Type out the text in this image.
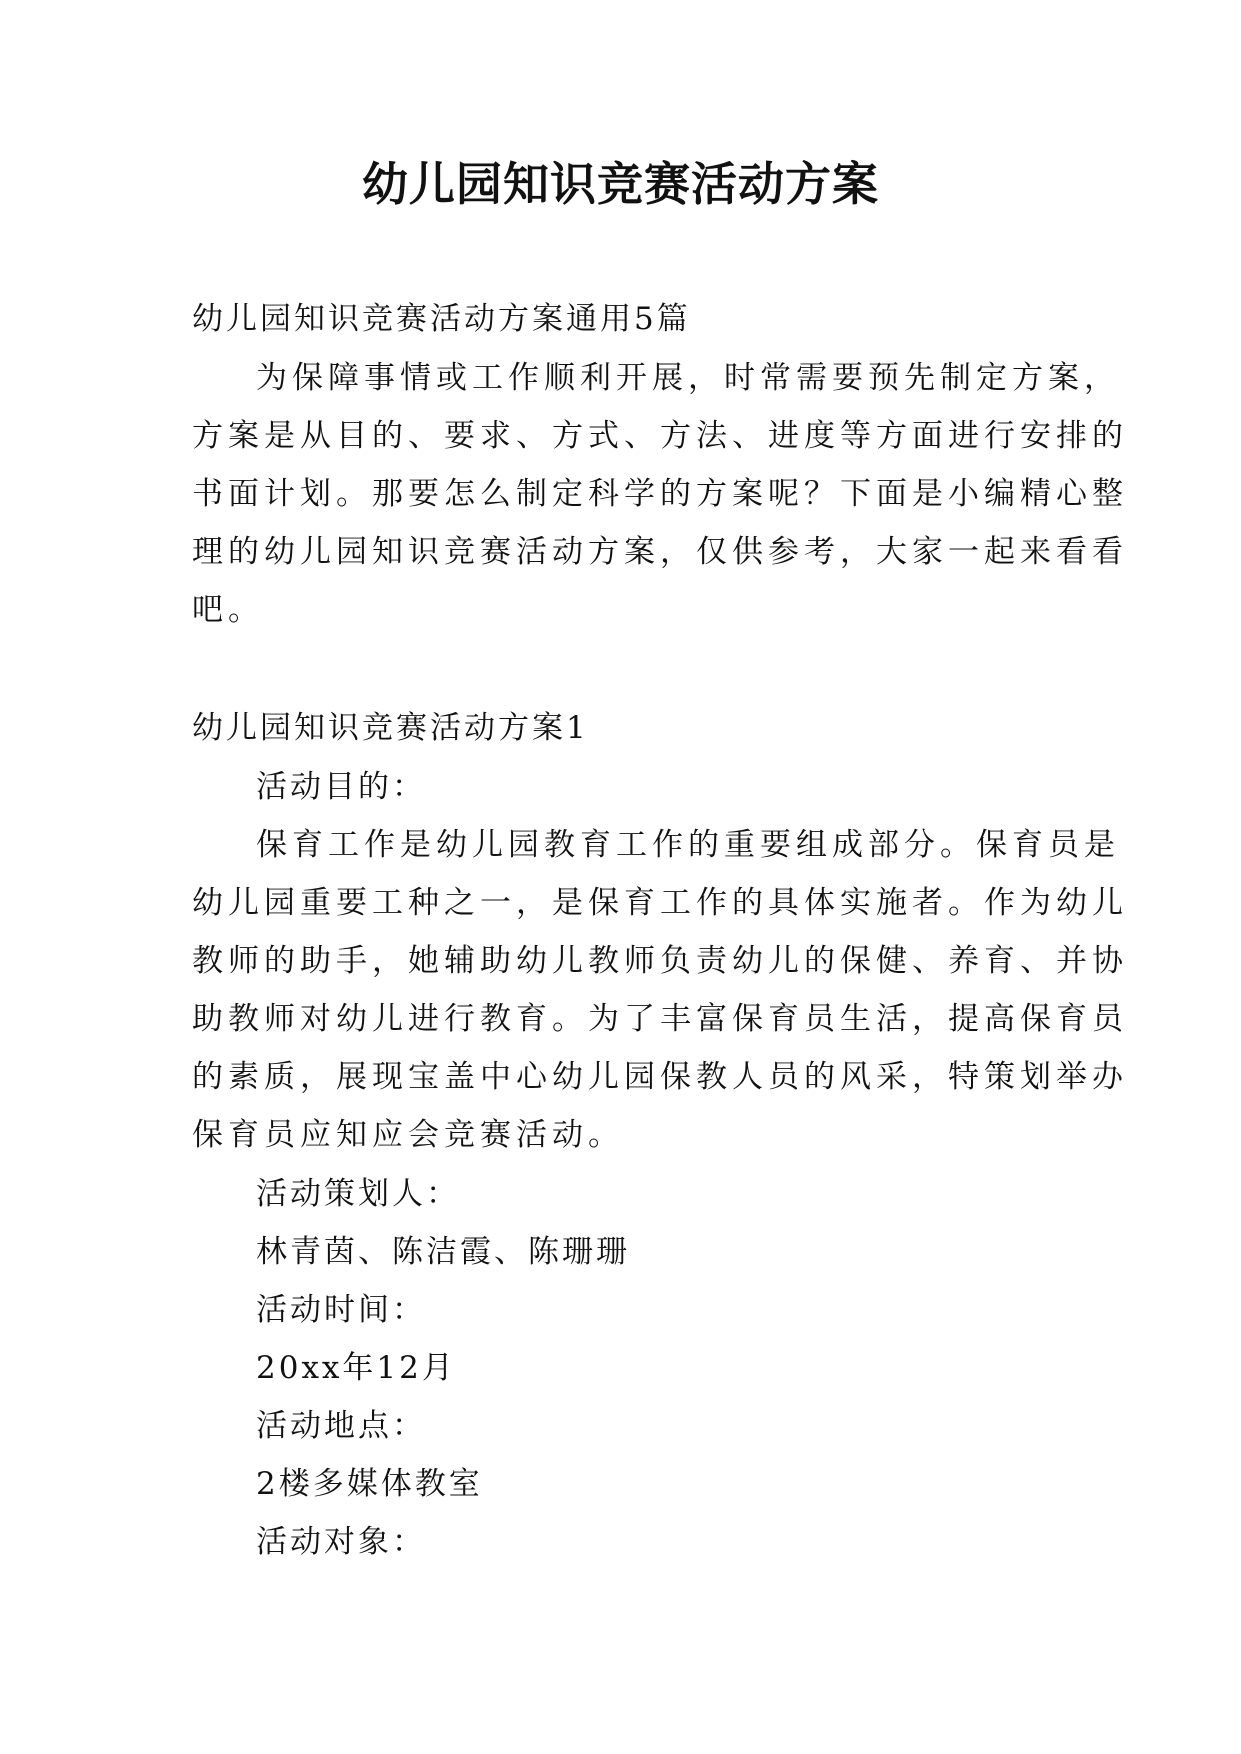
幼儿园知识竞赛活动方案
幼儿园知识竞赛活动方案通用5篇
为保障事情或工作顺利开展，时常需要预先制定方案，
方案是从目的、要求、方式、方法、进度等方面进行安排的
书面计划。那要怎么制定科学的方案呢？下面是小编精心整
理的幼儿园知识竞赛活动方案，仅供参考，大家一起来看看
吧。
幼儿园知识竞赛活动方案1
活动目的：
保育工作是幼儿园教育工作的重要组成部分。保育员是
幼儿园重要工种之一，是保育工作的具体实施者。作为幼儿
教师的助手，她辅助幼儿教师负责幼儿的保健、养育、并协
助教师对幼儿进行教育。为了丰富保育员生活，提高保育员
的素质，展现宝盖中心幼儿园保教人员的风采，特策划举办
保育员应知应会竞赛活动。
活动策划人：
林青茵、陈洁霞、陈珊珊
活动时间：
20xx年12月
活动地点：
2楼多媒体教室
活动对象：
